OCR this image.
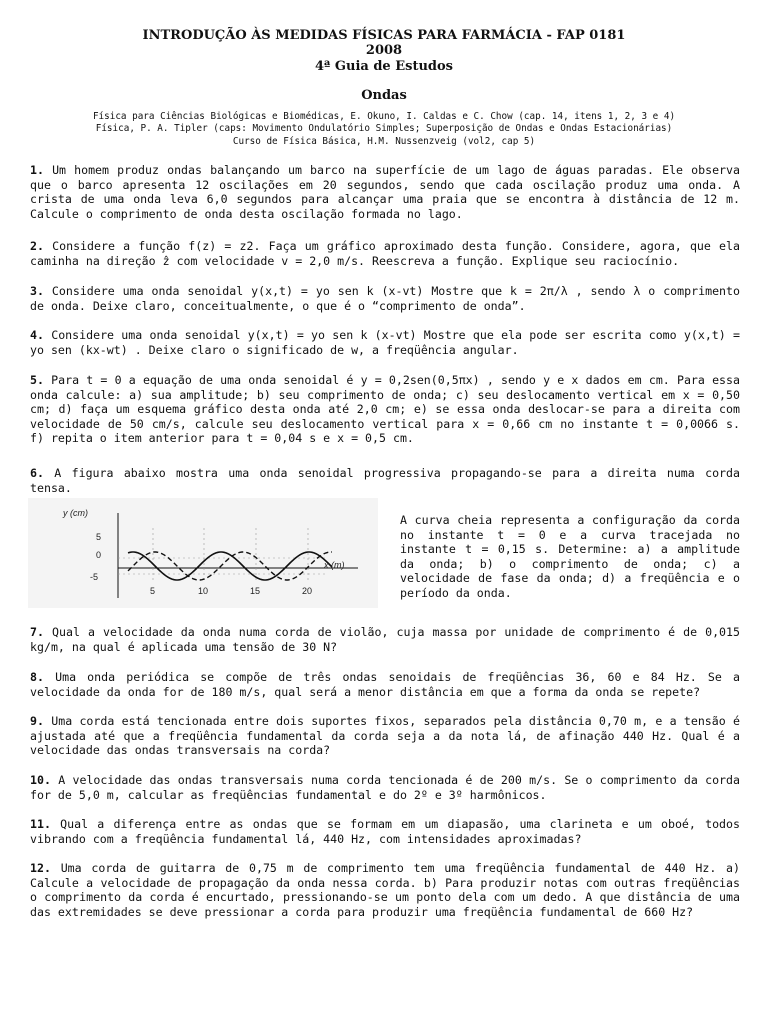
INTRODUÇÃO ÀS MEDIDAS FÍSICAS PARA FARMÁCIA - FAP 0181
2008
4ª Guia de Estudos
Ondas
Física para Ciências Biológicas e Biomédicas, E. Okuno, I. Caldas e C. Chow (cap. 14, itens 1, 2, 3 e 4)
Física, P. A. Tipler (caps: Movimento Ondulatório Simples; Superposição de Ondas e Ondas Estacionárias)
Curso de Física Básica, H.M. Nussenzveig (vol2, cap 5)
1. Um homem produz ondas balançando um barco na superfície de um lago de águas paradas. Ele observa que o barco apresenta 12 oscilações em 20 segundos, sendo que cada oscilação produz uma onda. A crista de uma onda leva 6,0 segundos para alcançar uma praia que se encontra à distância de 12 m. Calcule o comprimento de onda desta oscilação formada no lago.
2. Considere a função f(z) = z2. Faça um gráfico aproximado desta função. Considere, agora, que ela caminha na direção ẑ com velocidade v = 2,0 m/s. Reescreva a função. Explique seu raciocínio.
3. Considere uma onda senoidal y(x,t) = yo sen k (x-vt) Mostre que k = 2π/λ , sendo λ o comprimento de onda. Deixe claro, conceitualmente, o que é o “comprimento de onda”.
4. Considere uma onda senoidal y(x,t) = yo sen k (x-vt) Mostre que ela pode ser escrita como y(x,t) = yo sen (kx-wt) . Deixe claro o significado de w, a freqüência angular.
5. Para t = 0 a equação de uma onda senoidal é y = 0,2sen(0,5πx) , sendo y e x dados em cm. Para essa onda calcule: a) sua amplitude; b) seu comprimento de onda; c) seu deslocamento vertical em x = 0,50 cm; d) faça um esquema gráfico desta onda até 2,0 cm; e) se essa onda deslocar-se para a direita com velocidade de 50 cm/s, calcule seu deslocamento vertical para x = 0,66 cm no instante t = 0,0066 s. f) repita o item anterior para t = 0,04 s e x = 0,5 cm.
6. A figura abaixo mostra uma onda senoidal progressiva propagando-se para a direita numa corda tensa.
y (cm)
x (m)
5
0
-5
5	10	15	20
A curva cheia representa a configuração da corda no instante t = 0 e a curva tracejada no instante t = 0,15 s. Determine: a) a amplitude da onda; b) o comprimento de onda; c) a velocidade de fase da onda; d) a freqüência e o período da onda.
7. Qual a velocidade da onda numa corda de violão, cuja massa por unidade de comprimento é de 0,015 kg/m, na qual é aplicada uma tensão de 30 N?
8. Uma onda periódica se compõe de três ondas senoidais de freqüências 36, 60 e 84 Hz. Se a velocidade da onda for de 180 m/s, qual será a menor distância em que a forma da onda se repete?
9. Uma corda está tencionada entre dois suportes fixos, separados pela distância 0,70 m, e a tensão é ajustada até que a freqüência fundamental da corda seja a da nota lá, de afinação 440 Hz. Qual é a velocidade das ondas transversais na corda?
10. A velocidade das ondas transversais numa corda tencionada é de 200 m/s. Se o comprimento da corda for de 5,0 m, calcular as freqüências fundamental e do 2º e 3º harmônicos.
11. Qual a diferença entre as ondas que se formam em um diapasão, uma clarineta e um oboé, todos vibrando com a freqüência fundamental lá, 440 Hz, com intensidades aproximadas?
12. Uma corda de guitarra de 0,75 m de comprimento tem uma freqüência fundamental de 440 Hz. a) Calcule a velocidade de propagação da onda nessa corda. b) Para produzir notas com outras freqüências o comprimento da corda é encurtado, pressionando-se um ponto dela com um dedo. A que distância de uma das extremidades se deve pressionar a corda para produzir uma freqüência fundamental de 660 Hz?
